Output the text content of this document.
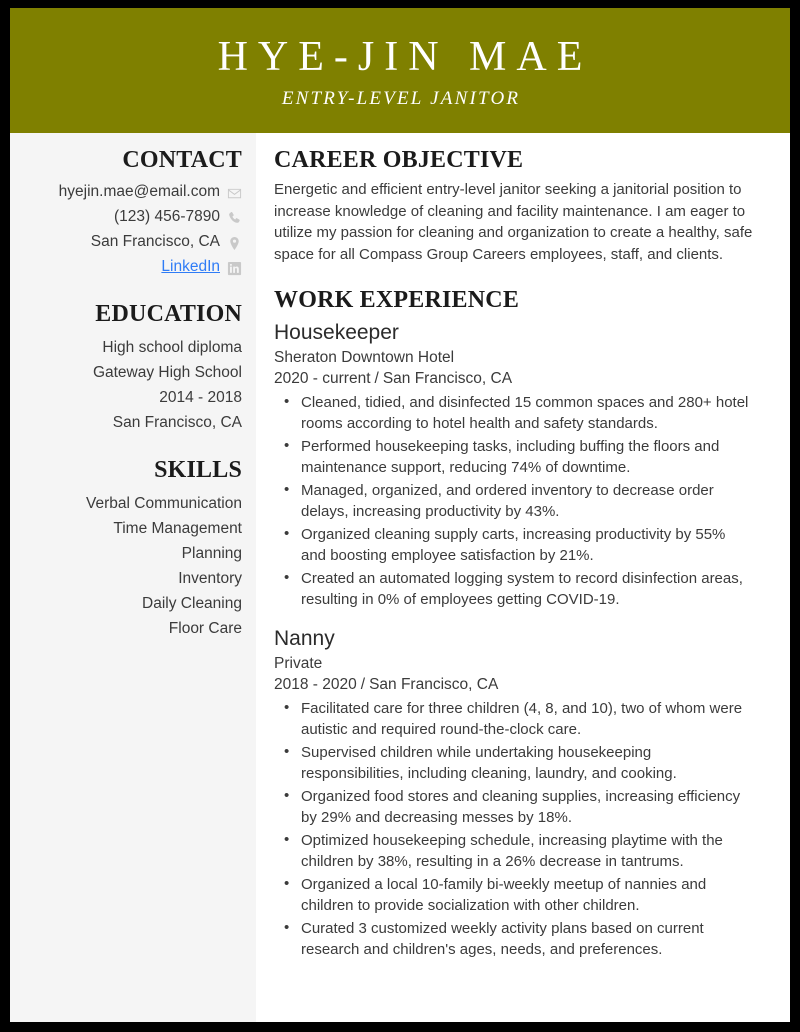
HYE-JIN MAE
ENTRY-LEVEL JANITOR
CONTACT
hyejin.mae@email.com
(123) 456-7890
San Francisco, CA
LinkedIn
EDUCATION
High school diploma
Gateway High School
2014 - 2018
San Francisco, CA
SKILLS
Verbal Communication
Time Management
Planning
Inventory
Daily Cleaning
Floor Care
CAREER OBJECTIVE

Energetic and efficient entry-level janitor seeking a janitorial position to increase knowledge of cleaning and facility maintenance. I am eager to utilize my passion for cleaning and organization to create a healthy, safe space for all Compass Group Careers employees, staff, and clients.

WORK EXPERIENCE
Housekeeper
Sheraton Downtown Hotel
2020 - current / San Francisco, CA
• Cleaned, tidied, and disinfected 15 common spaces and 280+ hotel rooms according to hotel health and safety standards.
• Performed housekeeping tasks, including buffing the floors and maintenance support, reducing 74% of downtime.
• Managed, organized, and ordered inventory to decrease order delays, increasing productivity by 43%.
• Organized cleaning supply carts, increasing productivity by 55% and boosting employee satisfaction by 21%.
• Created an automated logging system to record disinfection areas, resulting in 0% of employees getting COVID-19.
Nanny
Private
2018 - 2020 / San Francisco, CA
• Facilitated care for three children (4, 8, and 10), two of whom were autistic and required round-the-clock care.
• Supervised children while undertaking housekeeping responsibilities, including cleaning, laundry, and cooking.
• Organized food stores and cleaning supplies, increasing efficiency by 29% and decreasing messes by 18%.
• Optimized housekeeping schedule, increasing playtime with the children by 38%, resulting in a 26% decrease in tantrums.
• Organized a local 10-family bi-weekly meetup of nannies and children to provide socialization with other children.
• Curated 3 customized weekly activity plans based on current research and children's ages, needs, and preferences.
